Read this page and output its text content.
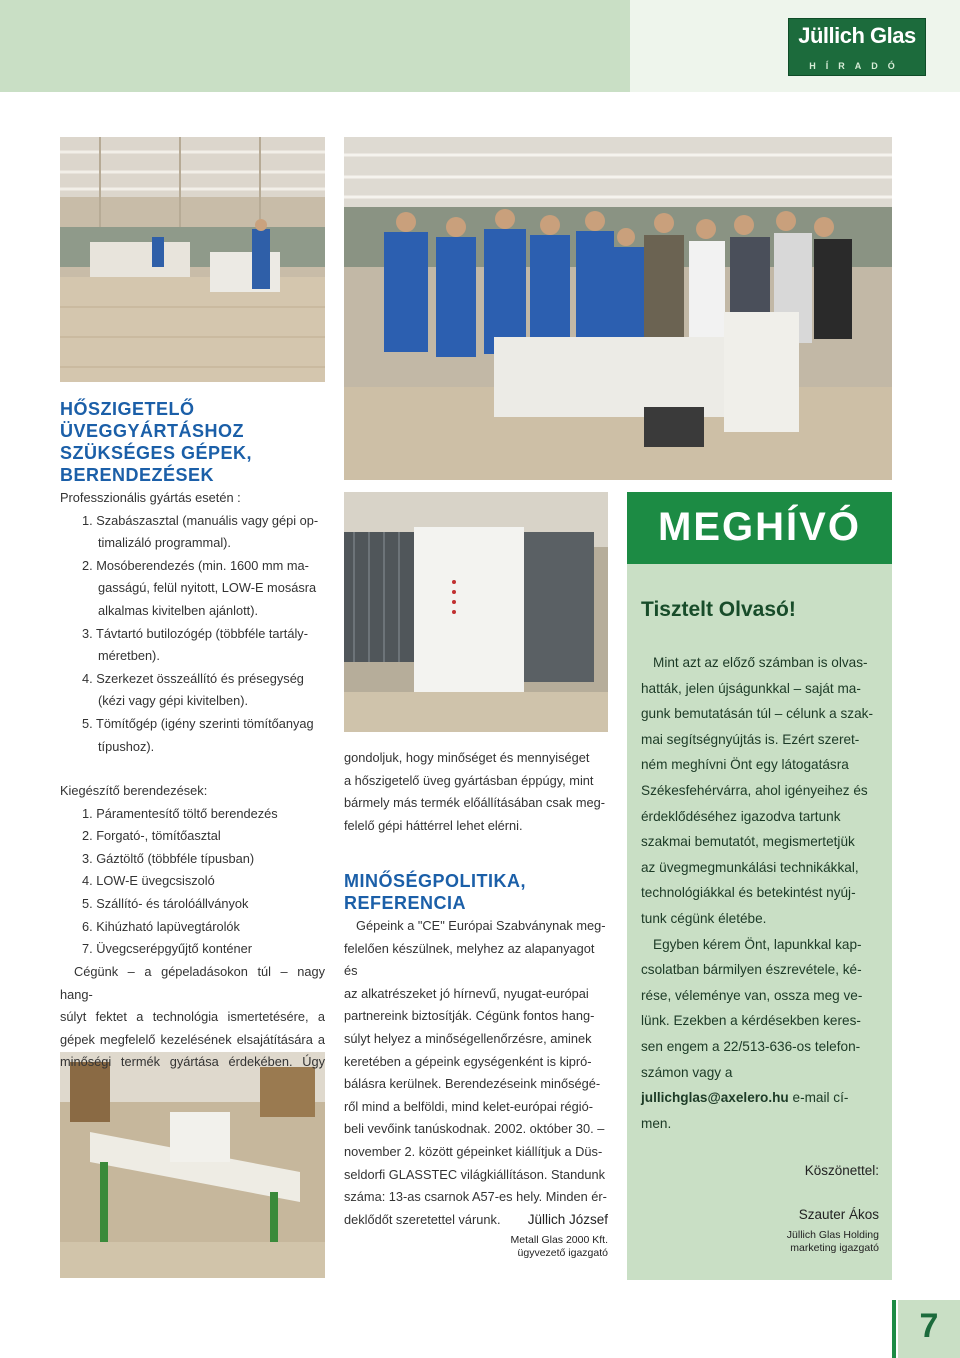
Jüllich Glas
HÍRADÓ
HŐSZIGETELŐ
ÜVEGGYÁRTÁSHOZ
SZÜKSÉGES GÉPEK,
BERENDEZÉSEK

Professzionális gyártás esetén :

1. Szabászasztal (manuális vagy gépi op-

timalizáló programmal).

2. Mosóberendezés (min. 1600 mm ma-

gasságú, felül nyitott, LOW-E mosásra

alkalmas kivitelben ajánlott).

3. Távtartó butilozógép (többféle tartály-

méretben).

4. Szerkezet összeállító és présegység

(kézi vagy gépi kivitelben).

5. Tömítőgép (igény szerinti tömítőanyag

típushoz).

Kiegészítő berendezések:

1. Páramentesítő töltő berendezés

2. Forgató-, tömítőasztal

3. Gáztöltő (többféle típusban)

4. LOW-E üvegcsiszoló

5. Szállító- és tárolóállványok

6. Kihúzható lapüvegtárolók

7. Üvegcserépgyűjtő konténer

Cégünk – a gépeladásokon túl – nagy hang-

súlyt fektet a technológia ismertetésére, a

gépek megfelelő kezelésének elsajátítására a

minőségi termék gyártása érdekében. Úgy

gondoljuk, hogy minőséget és mennyiséget

a hőszigetelő üveg gyártásban éppúgy, mint

bármely más termék előállításában csak meg-

felelő gépi háttérrel lehet elérni.

MINŐSÉGPOLITIKA,
REFERENCIA

Gépeink a "CE" Európai Szabványnak meg-

felelően készülnek, melyhez az alapanyagot és

az alkatrészeket jó hírnevű, nyugat-európai

partnereink biztosítják. Cégünk fontos hang-

súlyt helyez a minőségellenőrzésre, aminek

keretében a gépeink egységenként is kipró-

bálásra kerülnek. Berendezéseink minőségé-

ről mind a belföldi, mind kelet-európai régió-

beli vevőink tanúskodnak. 2002. október 30. –

november 2. között gépeinket kiállítjuk a Düs-

seldorfi GLASSTEC világkiállításon. Standunk

száma: 13-as csarnok A57-es hely. Minden ér-

deklődőt szeretettel várunk.	Jüllich József
Metall Glas 2000 Kft.
ügyvezető igazgató
MEGHÍVÓ
Tisztelt Olvasó!

Mint azt az előző számban is olvas-

hatták, jelen újságunkkal – saját ma-

gunk bemutatásán túl – célunk a szak-

mai segítségnyújtás is. Ezért szeret-

ném meghívni Önt egy látogatásra

Székesfehérvárra, ahol igényeihez és

érdeklődéséhez igazodva tartunk

szakmai bemutatót, megismertetjük

az üvegmegmunkálási technikákkal,

technológiákkal és betekintést nyúj-

tunk cégünk életébe.

Egyben kérem Önt, lapunkkal kap-

csolatban bármilyen észrevétele, ké-

rése, véleménye van, ossza meg ve-

lünk. Ezekben a kérdésekben keres-

sen engem a 22/513-636-os telefon-

számon vagy a

jullichglas@axelero.hu e-mail cí-

men.

Köszönettel:
Szauter Ákos
Jüllich Glas Holding
marketing igazgató
7
